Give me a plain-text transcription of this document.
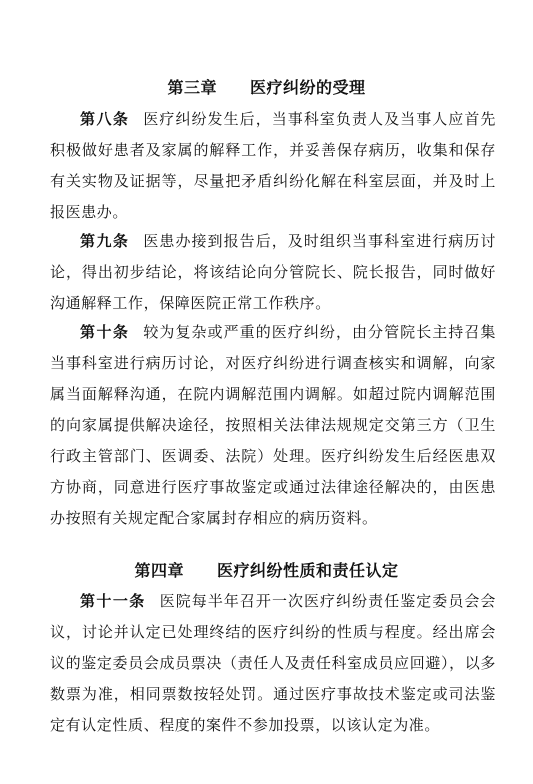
第三章　　医疗纠纷的受理

第八条 医疗纠纷发生后，当事科室负责人及当事人应首先积极做好患者及家属的解释工作，并妥善保存病历，收集和保存有关实物及证据等，尽量把矛盾纠纷化解在科室层面，并及时上报医患办。

第九条 医患办接到报告后，及时组织当事科室进行病历讨论，得出初步结论，将该结论向分管院长、院长报告，同时做好沟通解释工作，保障医院正常工作秩序。

第十条 较为复杂或严重的医疗纠纷，由分管院长主持召集当事科室进行病历讨论，对医疗纠纷进行调查核实和调解，向家属当面解释沟通，在院内调解范围内调解。如超过院内调解范围的向家属提供解决途径，按照相关法律法规规定交第三方（卫生行政主管部门、医调委、法院）处理。医疗纠纷发生后经医患双方协商，同意进行医疗事故鉴定或通过法律途径解决的，由医患办按照有关规定配合家属封存相应的病历资料。

第四章　　医疗纠纷性质和责任认定

第十一条 医院每半年召开一次医疗纠纷责任鉴定委员会会议，讨论并认定已处理终结的医疗纠纷的性质与程度。经出席会议的鉴定委员会成员票决（责任人及责任科室成员应回避），以多数票为准，相同票数按轻处罚。通过医疗事故技术鉴定或司法鉴定有认定性质、程度的案件不参加投票，以该认定为准。
